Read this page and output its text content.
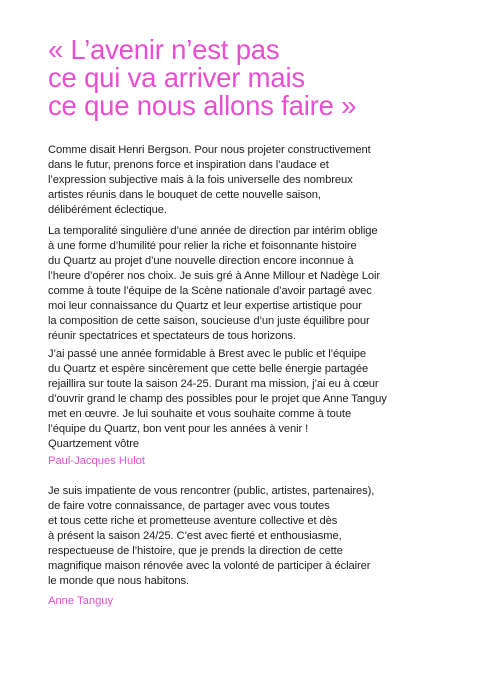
« L’avenir n’est pas
ce qui va arriver mais
ce que nous allons faire »

Comme disait Henri Bergson. Pour nous projeter constructivement
dans le futur, prenons force et inspiration dans l’audace et
l’expression subjective mais à la fois universelle des nombreux
artistes réunis dans le bouquet de cette nouvelle saison,
délibérément éclectique.

La temporalité singulière d’une année de direction par intérim oblige
à une forme d’humilité pour relier la riche et foisonnante histoire
du Quartz au projet d’une nouvelle direction encore inconnue à
l’heure d’opérer nos choix. Je suis gré à Anne Millour et Nadège Loir
comme à toute l’équipe de la Scène nationale d’avoir partagé avec
moi leur connaissance du Quartz et leur expertise artistique pour
la composition de cette saison, soucieuse d’un juste équilibre pour
réunir spectatrices et spectateurs de tous horizons.

J’ai passé une année formidable à Brest avec le public et l’équipe
du Quartz et espère sincèrement que cette belle énergie partagée
rejaillira sur toute la saison 24-25. Durant ma mission, j’ai eu à cœur
d’ouvrir grand le champ des possibles pour le projet que Anne Tanguy
met en œuvre. Je lui souhaite et vous souhaite comme à toute
l’équipe du Quartz, bon vent pour les années à venir !
Quartzement vôtre

Paul-Jacques Hulot

Je suis impatiente de vous rencontrer (public, artistes, partenaires),
de faire votre connaissance, de partager avec vous toutes
et tous cette riche et prometteuse aventure collective et dès
à présent la saison 24/25. C’est avec fierté et enthousiasme,
respectueuse de l’histoire, que je prends la direction de cette
magnifique maison rénovée avec la volonté de participer à éclairer
le monde que nous habitons.

Anne Tanguy
